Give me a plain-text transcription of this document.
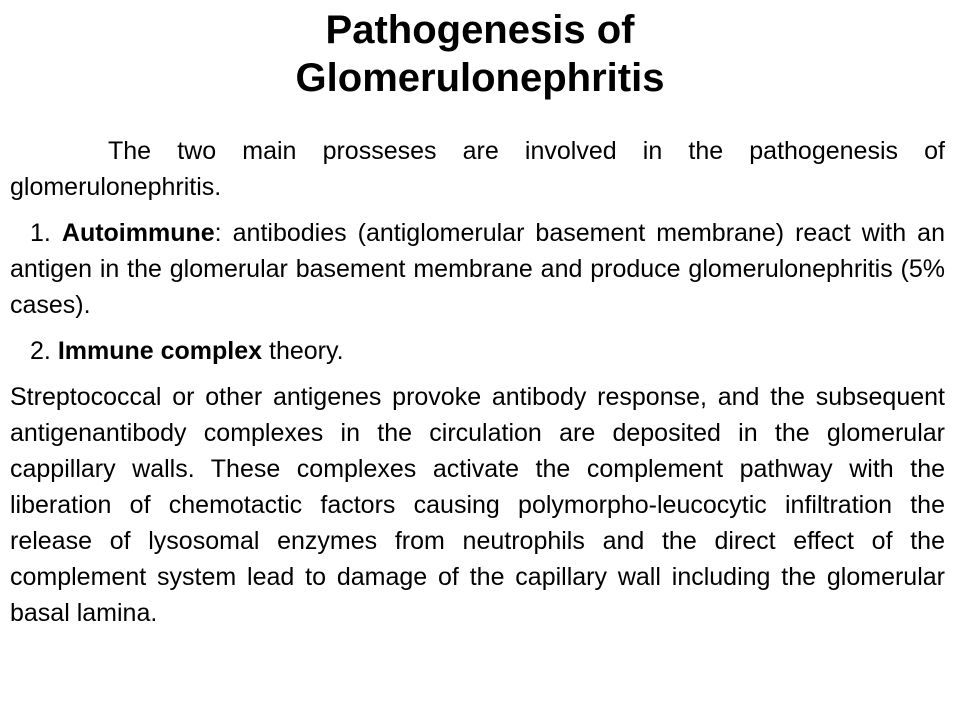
Pathogenesis of
Glomerulonephritis

The two main prosseses are involved in the pathogenesis of glomerulonephritis.

1. Autoimmune: antibodies (antiglomerular basement membrane) react with an antigen in the glomerular basement membrane and produce glomerulonephritis (5% cases).

2. Immune complex theory.

Streptococcal or other antigenes provoke antibody response, and the subsequent antigenantibody complexes in the circulation are deposited in the glomerular cappillary walls. These complexes activate the complement pathway with the liberation of chemotactic factors causing polymorpho-leucocytic infiltration the release of lysosomal enzymes from neutrophils and the direct effect of the complement system lead to damage of the capillary wall including the glomerular basal lamina.
